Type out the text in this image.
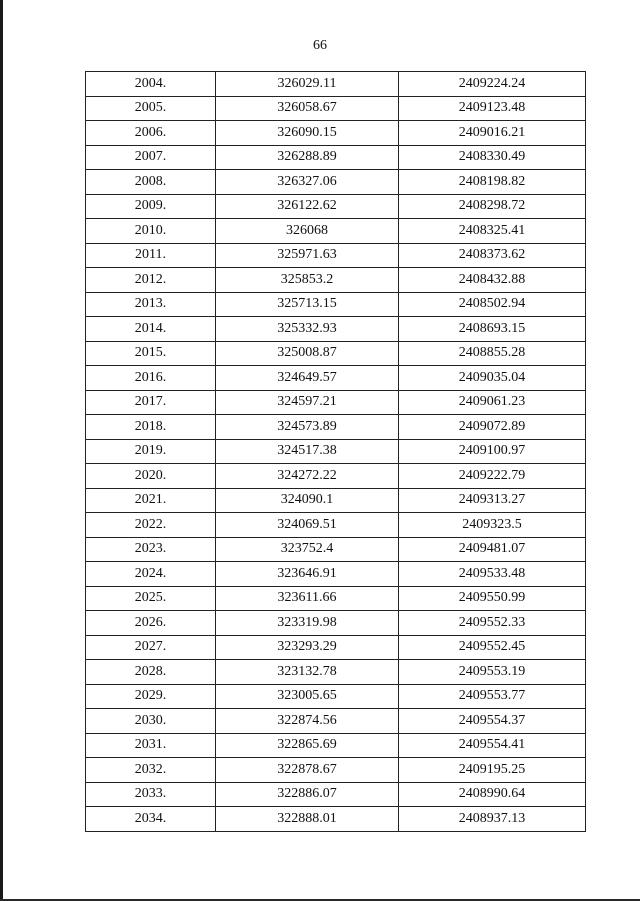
66
2004.	326029.11	2409224.24
2005.	326058.67	2409123.48
2006.	326090.15	2409016.21
2007.	326288.89	2408330.49
2008.	326327.06	2408198.82
2009.	326122.62	2408298.72
2010.	326068	2408325.41
2011.	325971.63	2408373.62
2012.	325853.2	2408432.88
2013.	325713.15	2408502.94
2014.	325332.93	2408693.15
2015.	325008.87	2408855.28
2016.	324649.57	2409035.04
2017.	324597.21	2409061.23
2018.	324573.89	2409072.89
2019.	324517.38	2409100.97
2020.	324272.22	2409222.79
2021.	324090.1	2409313.27
2022.	324069.51	2409323.5
2023.	323752.4	2409481.07
2024.	323646.91	2409533.48
2025.	323611.66	2409550.99
2026.	323319.98	2409552.33
2027.	323293.29	2409552.45
2028.	323132.78	2409553.19
2029.	323005.65	2409553.77
2030.	322874.56	2409554.37
2031.	322865.69	2409554.41
2032.	322878.67	2409195.25
2033.	322886.07	2408990.64
2034.	322888.01	2408937.13
